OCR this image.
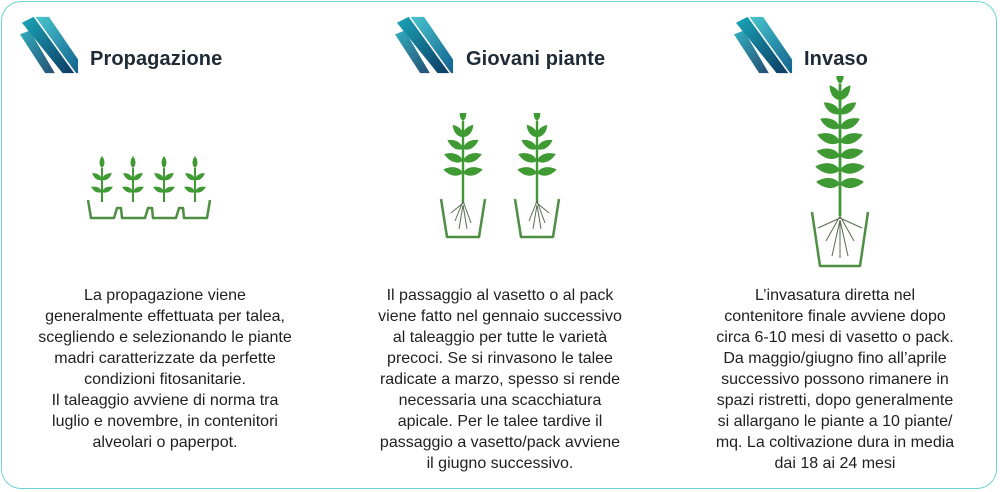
Propagazione
La propagazione viene
generalmente effettuata per talea,
scegliendo e selezionando le piante
madri caratterizzate da perfette
condizioni fitosanitarie.
Il taleaggio avviene di norma tra
luglio e novembre, in contenitori
alveolari o paperpot.
Giovani piante
Il passaggio al vasetto o al pack
viene fatto nel gennaio successivo
al taleaggio per tutte le varietà
precoci. Se si rinvasono le talee
radicate a marzo, spesso si rende
necessaria una scacchiatura
apicale. Per le talee tardive il
passaggio a vasetto/pack avviene
il giugno successivo.
Invaso
L’invasatura diretta nel
contenitore finale avviene dopo
circa 6-10 mesi di vasetto o pack.
Da maggio/giugno fino all’aprile
successivo possono rimanere in
spazi ristretti, dopo generalmente
si allargano le piante a 10 piante/
mq. La coltivazione dura in media
dai 18 ai 24 mesi
